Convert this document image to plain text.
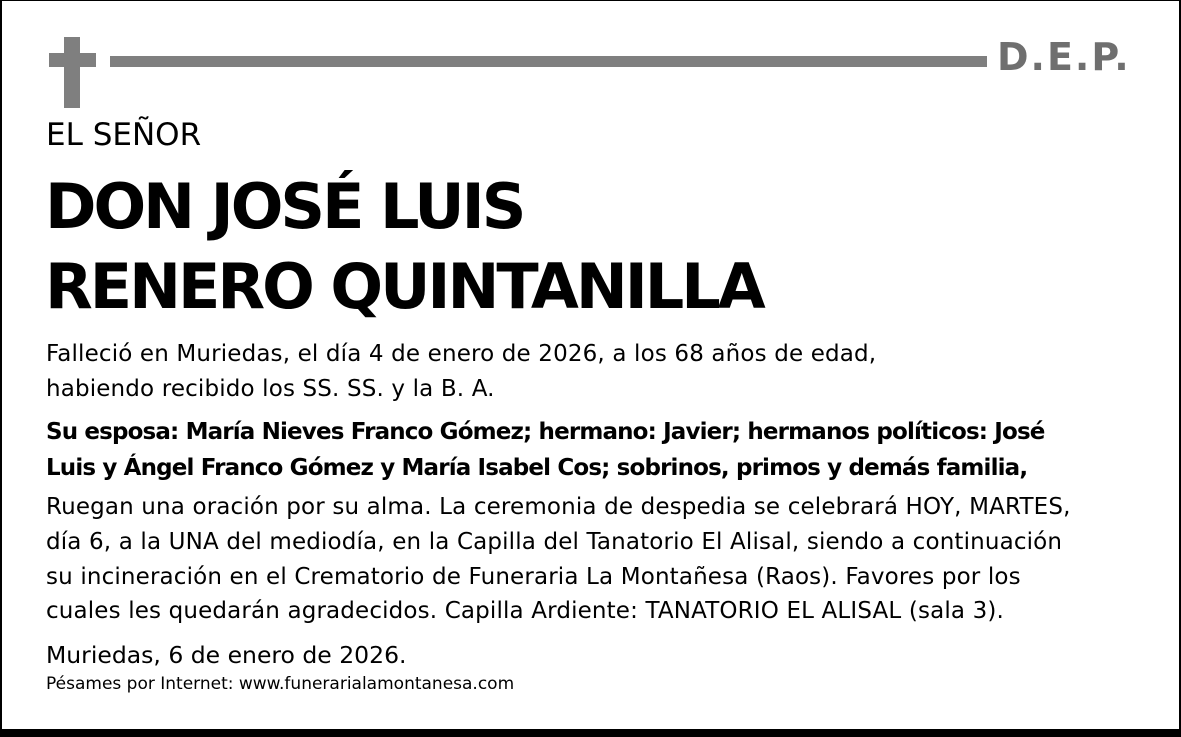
D.E.P.
EL SEÑOR
DON JOSÉ LUIS
RENERO QUINTANILLA
Falleció en Muriedas, el día 4 de enero de 2026, a los 68 años de edad,
habiendo recibido los SS. SS. y la B. A.
Su esposa: María Nieves Franco Gómez; hermano: Javier; hermanos políticos: José
Luis y Ángel Franco Gómez y María Isabel Cos; sobrinos, primos y demás familia,
Ruegan una oración por su alma. La ceremonia de despedia se celebrará HOY, MARTES,
día 6, a la UNA del mediodía, en la Capilla del Tanatorio El Alisal, siendo a continuación
su incineración en el Crematorio de Funeraria La Montañesa (Raos). Favores por los
cuales les quedarán agradecidos. Capilla Ardiente: TANATORIO EL ALISAL (sala 3).
Muriedas, 6 de enero de 2026.
Pésames por Internet: www.funerarialamontanesa.com
